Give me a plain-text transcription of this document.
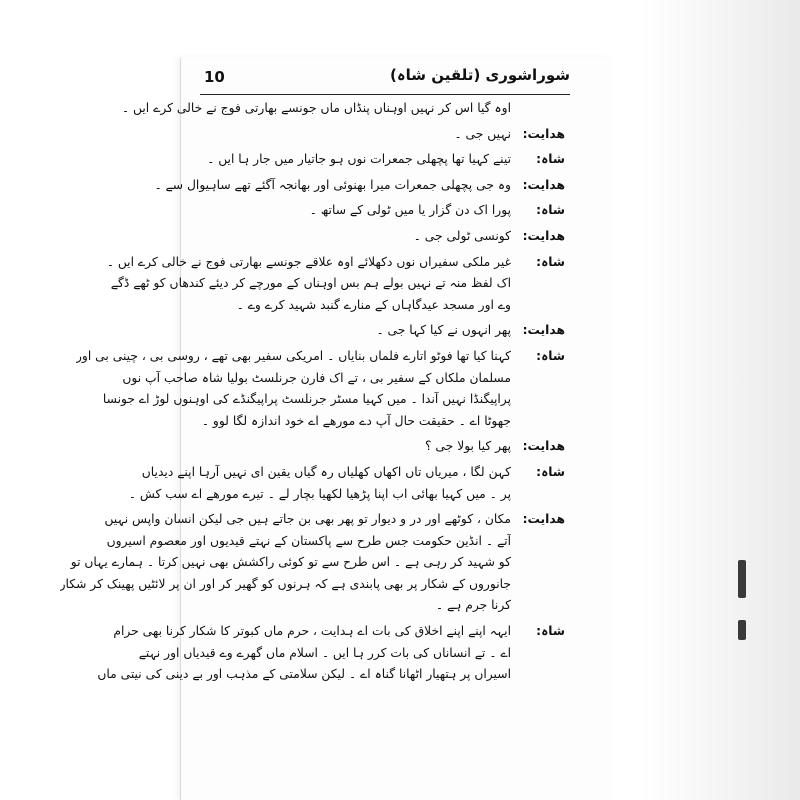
10	شوراشوری (تلقین شاہ)
اوہ گیا اس کر نہیں اوہناں پنڈاں ماں جونسے بھارتی فوج نے خالی کرے ایں ۔
ھدایت:
نہیں جی ۔
شاہ:
تینے کہیا تھا پچھلی جمعرات نوں ہو جاتیار میں جار ہا ایں ۔
ھدایت:
وہ جی پچھلی جمعرات میرا بھنوئی اور بھانجہ آگئے تھے ساہیوال سے ۔
شاہ:
پورا اک دن گزار یا میں ٹولی کے ساتھ ۔
ھدایت:
کونسی ٹولی جی ۔
شاہ:
غیر ملکی سفیراں نوں دکھلائے اوہ علاقے جونسے بھارتی فوج نے خالی کرے ایں ۔
اک لفظ منہ تے نہیں بولے ہم بس اوہناں کے مورچے کر دیئے کندھاں کو ٹھے ڈگے
وے اور مسجد عیدگاہاں کے منارے گنبد شہید کرے وے ۔
ھدایت:
پھر انہوں نے کیا کہا جی ۔
شاہ:
کہنا کیا تھا فوٹو اتارے فلماں بنایاں ۔ امریکی سفیر بھی تھے ، روسی بی ، چینی بی اور
مسلمان ملکاں کے سفیر بی ، تے اک فارن جرنلسٹ بولیا شاہ صاحب آپ نوں
پراپیگنڈا نہیں آندا ۔ میں کہیا مسٹر جرنلسٹ پراپیگنڈے کی اوہنوں لوڑ اے جونسا
جھوٹا اے ۔ حقیقت حال آپ دے مورھے اے خود اندازہ لگا لوو ۔
ھدایت:
پھر کیا بولا جی ؟
شاہ:
کہن لگا ، میریاں تاں اکھاں کھلیاں رہ گیاں یقین ای نہیں آرہا اپنے دیدیاں
پر ۔ میں کہیا بھائی اب اپنا پڑھیا لکھیا بچار لے ۔ تیرے مورھے اے سب کش ۔
ھدایت:
مکان ، کوٹھے اور در و دیوار تو پھر بھی بن جاتے ہیں جی لیکن انسان واپس نہیں
آتے ۔ انڈین حکومت جس طرح سے پاکستان کے نہتے قیدیوں اور معصوم اسیروں
کو شہید کر رہی ہے ۔ اس طرح سے تو کوئی راکشش بھی نہیں کرتا ۔ ہمارے یہاں تو
جانوروں کے شکار پر بھی پابندی ہے کہ ہرنوں کو گھیر کر اور ان پر لائٹیں پھینک کر شکار
کرنا جرم ہے ۔
شاہ:
ایہہ اپنے اپنے اخلاق کی بات اے ہدایت ، حرم ماں کبوتر کا شکار کرنا بھی حرام
اے ۔ تے انساناں کی بات کرر ہا ایں ۔ اسلام ماں گھرے وے قیدیاں اور نہتے
اسیراں پر ہتھیار اٹھانا گناہ اے ۔ لیکن سلامتی کے مذہب اور بے دینی کی نیتی ماں
